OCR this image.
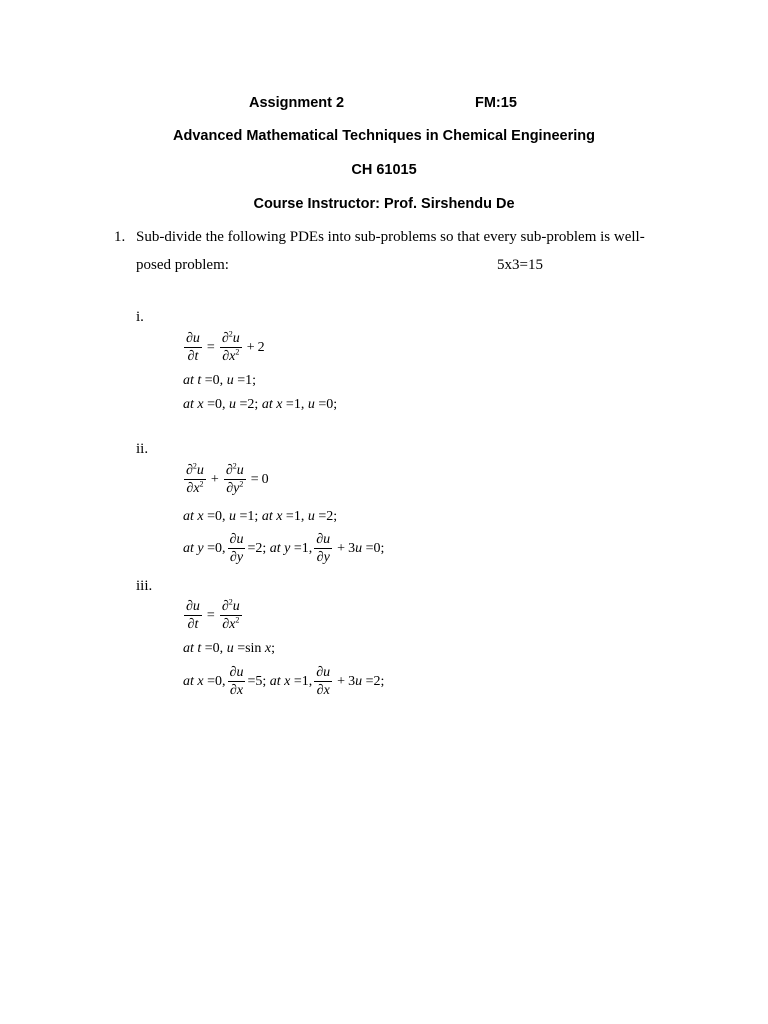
Assignment 2	FM:15
Advanced Mathematical Techniques in Chemical Engineering
CH 61015
Course Instructor: Prof. Sirshendu De
1. Sub-divide the following PDEs into sub-problems so that every sub-problem is well-
posed problem:	5x3=15
i.
$\frac{\partial u}{\partial t} = \frac{\partial^2u}{\partial x^2} + 2$
at t =0, u =1;
at x =0, u =2; at x =1, u =0;
ii.
$\frac{\partial^2u}{\partial x^2} + \frac{\partial^2u}{\partial y^2} = 0$
at x =0, u =1; at x =1, u =2;
at y =0, $\frac{\partial u}{\partial y} =2$; at y =1, $\frac{\partial u}{\partial y} + 3u =0$;
iii.
$\frac{\partial u}{\partial t} = \frac{\partial^2u}{\partial x^2}$
at t =0, u =sin x;
at x =0, $\frac{\partial u}{\partial x} =5$; at x =1, $\frac{\partial u}{\partial x} + 3u =2$;
